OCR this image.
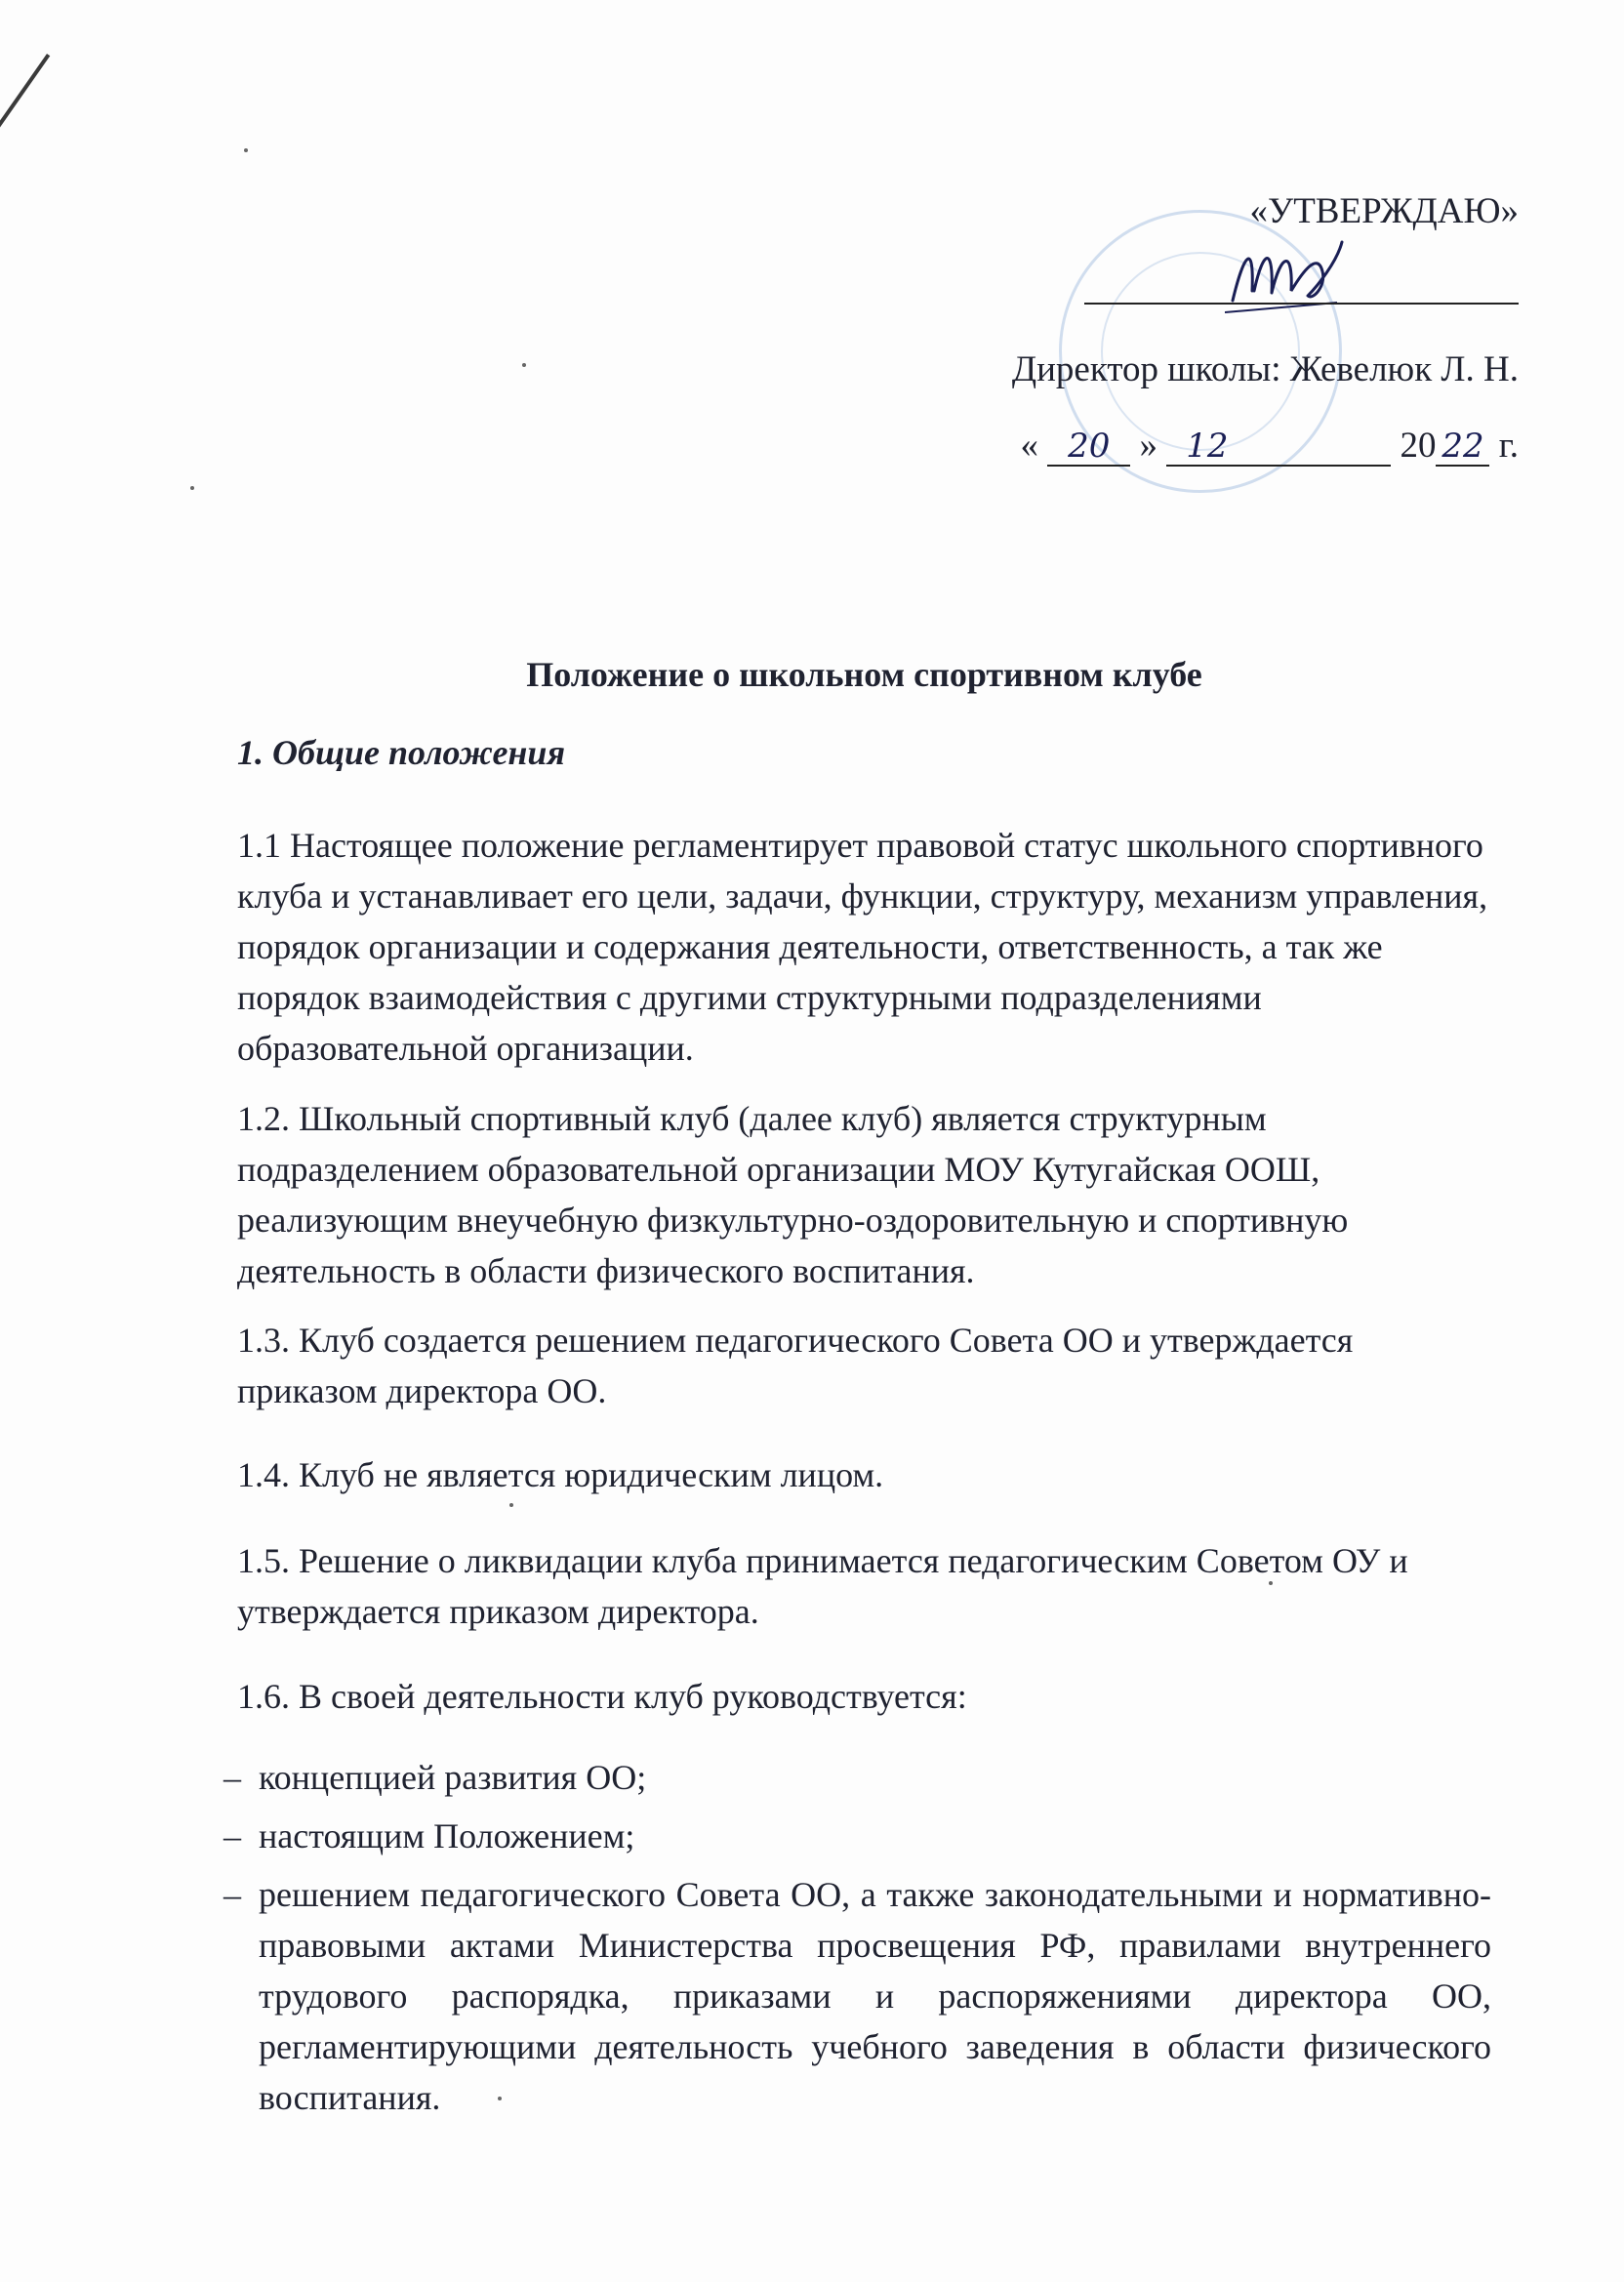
«УТВЕРЖДАЮ»
Директор школы: Жевелюк Л. Н.
« 20 » 12	20 22 г.
Положение о школьном спортивном клубе
1. Общие положения

1.1 Настоящее положение регламентирует правовой статус школьного спортивного клуба и устанавливает его цели, задачи, функции, структуру, механизм управления, порядок организации и содержания деятельности, ответственность, а так же порядок взаимодействия с другими структурными подразделениями образовательной организации.

1.2. Школьный спортивный клуб (далее клуб) является структурным подразделением образовательной организации МОУ Кутугайская ООШ, реализующим внеучебную физкультурно-оздоровительную и спортивную деятельность в области физического воспитания.

1.3. Клуб создается решением педагогического Совета ОО и утверждается приказом директора ОО.

1.4. Клуб не является юридическим лицом.

1.5. Решение о ликвидации клуба принимается педагогическим Советом ОУ и утверждается приказом директора.

1.6. В своей деятельности клуб руководствуется:

– концепцией развития ОО;
– настоящим Положением;
– решением педагогического Совета ОО, а также законодательными и нормативно-правовыми актами Министерства просвещения РФ, правилами внутреннего трудового распорядка, приказами и распоряжениями директора ОО, регламентирующими деятельность учебного заведения в области физического воспитания.
